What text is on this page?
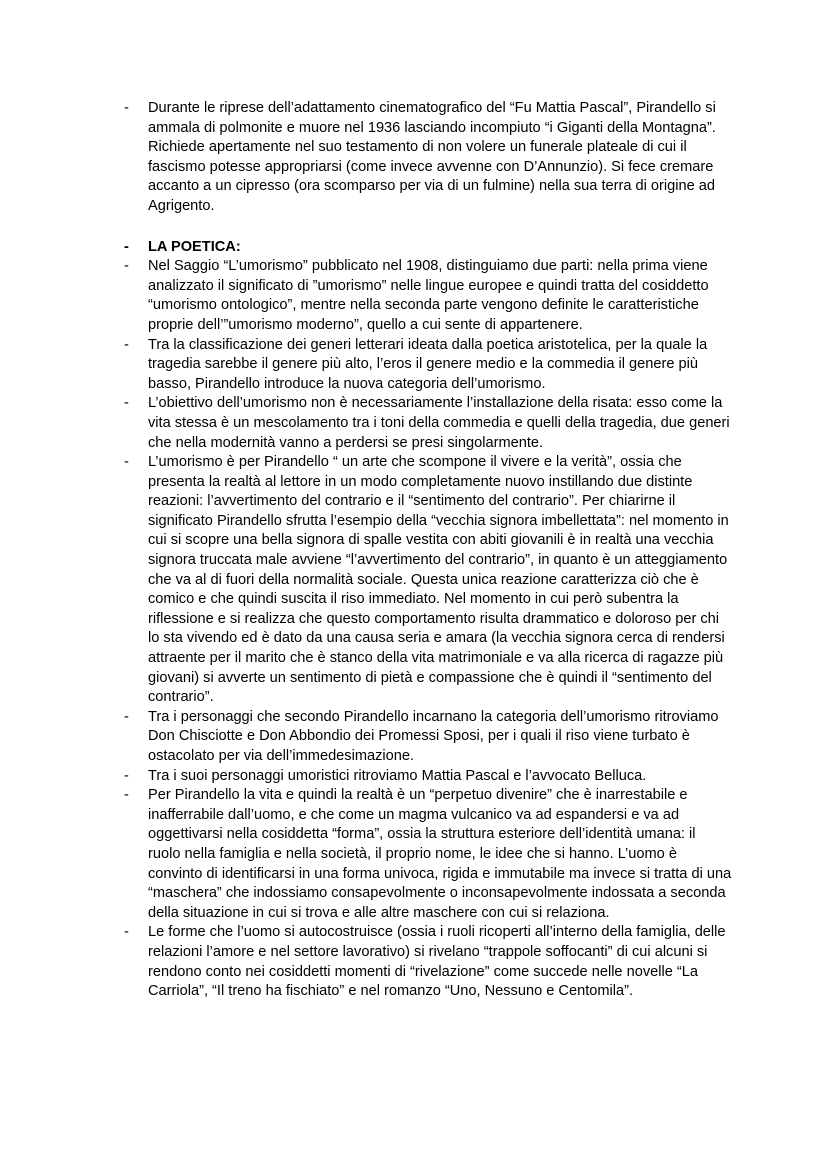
- Durante le riprese dell’adattamento cinematografico del “Fu Mattia Pascal”, Pirandello si ammala di polmonite e muore nel 1936 lasciando incompiuto “i Giganti della Montagna”. Richiede apertamente nel suo testamento di non volere un funerale plateale di cui il fascismo potesse appropriarsi (come invece avvenne con D’Annunzio). Si fece cremare accanto a un cipresso (ora scomparso per via di un fulmine) nella sua terra di origine ad Agrigento.
- LA POETICA:
- Nel Saggio “L’umorismo” pubblicato nel 1908, distinguiamo due parti: nella prima viene analizzato il significato di ”umorismo” nelle lingue europee e quindi tratta del cosiddetto “umorismo ontologico”, mentre nella seconda parte vengono definite le caratteristiche proprie dell’”umorismo moderno”, quello a cui sente di appartenere.
- Tra la classificazione dei generi letterari ideata dalla poetica aristotelica, per la quale la tragedia sarebbe il genere più alto, l’eros il genere medio e la commedia il genere più basso, Pirandello introduce la nuova categoria dell’umorismo.
- L’obiettivo dell’umorismo non è necessariamente l’installazione della risata: esso come la vita stessa è un mescolamento tra i toni della commedia e quelli della tragedia, due generi che nella modernità vanno a perdersi se presi singolarmente.
- L’umorismo è per Pirandello “ un arte che scompone il vivere e la verità”, ossia che presenta la realtà al lettore in un modo completamente nuovo instillando due distinte reazioni: l’avvertimento del contrario e il “sentimento del contrario”. Per chiarirne il significato Pirandello sfrutta l’esempio della “vecchia signora imbellettata”: nel momento in cui si scopre una bella signora di spalle vestita con abiti giovanili è in realtà una vecchia signora truccata male avviene “l’avvertimento del contrario”, in quanto è un atteggiamento che va al di fuori della normalità sociale. Questa unica reazione caratterizza ciò che è comico e che quindi suscita il riso immediato. Nel momento in cui però subentra la riflessione e si realizza che questo comportamento risulta drammatico e doloroso per chi lo sta vivendo ed è dato da una causa seria e amara (la vecchia signora cerca di rendersi attraente per il marito che è stanco della vita matrimoniale e va alla ricerca di ragazze più giovani) si avverte un sentimento di pietà e compassione che è quindi il “sentimento del contrario”.
- Tra i personaggi che secondo Pirandello incarnano la categoria dell’umorismo ritroviamo Don Chisciotte e Don Abbondio dei Promessi Sposi, per i quali il riso viene turbato è ostacolato per via dell’immedesimazione.
- Tra i suoi personaggi umoristici ritroviamo Mattia Pascal e l’avvocato Belluca.
- Per Pirandello la vita e quindi la realtà è un “perpetuo divenire” che è inarrestabile e inafferrabile dall’uomo, e che come un magma vulcanico va ad espandersi e va ad oggettivarsi nella cosiddetta “forma”, ossia la struttura esteriore dell’identità umana: il ruolo nella famiglia e nella società, il proprio nome, le idee che si hanno. L’uomo è convinto di identificarsi in una forma univoca, rigida e immutabile ma invece si tratta di una “maschera” che indossiamo consapevolmente o inconsapevolmente indossata a seconda della situazione in cui si trova e alle altre maschere con cui si relaziona.
- Le forme che l’uomo si autocostruisce (ossia i ruoli ricoperti all’interno della famiglia, delle relazioni l’amore e nel settore lavorativo) si rivelano “trappole soffocanti” di cui alcuni si rendono conto nei cosiddetti momenti di “rivelazione” come succede nelle novelle “La Carriola”, “Il treno ha fischiato” e nel romanzo “Uno, Nessuno e Centomila”.
